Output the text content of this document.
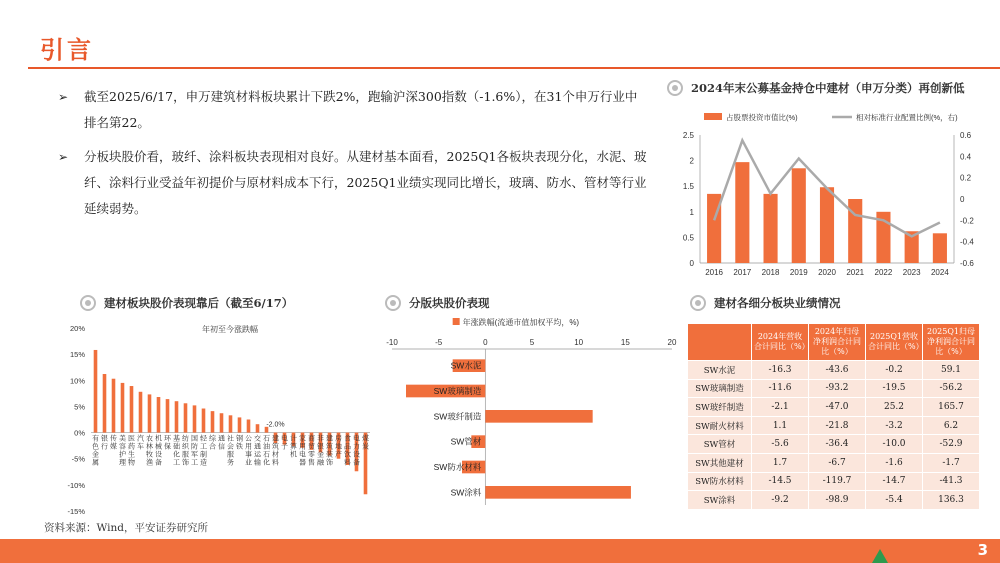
引言
➢ 截至2025/6/17，申万建筑材料板块累计下跌2%，跑输沪深300指数（-1.6%），在31个申万行业中排名第22。
➢ 分板块股价看，玻纤、涂料板块表现相对良好。从建材基本面看，2025Q1各板块表现分化，水泥、玻纤、涂料行业受益年初提价与原材料成本下行，2025Q1业绩实现同比增长，玻璃、防水、管材等行业延续弱势。
2024年末公募基金持仓中建材（申万分类）再创新低
占股票投资市值比(%)	相对标准行业配置比例(%，右)
0
0.5
1
1.5
2
2.5
-0.6
-0.4
-0.2
0
0.2
0.4
0.6
2016 2017 2018 2019 2020 2021 2022 2023 2024
建材板块股价表现靠后（截至6/17）
年初至今涨跌幅
20%
15%
10%
5%
0%
-5%
-10%
-15%
有色金属
银行
传媒
美容护理
医药生物
汽车
农林牧渔
机械设备
环保
基础化工
纺织服饰
国防军工
轻工制造
综合
通信
社会服务
钢铁
公用事业
交通运输
石油石化
建筑材料
电子
计算机
家用电器
商贸零售
非银金融
建筑装饰
房地产
食品饮料
电力设备
煤炭
-2.0%
分版块股价表现
年涨跌幅(流通市值加权平均，%)
-10	-5	0	5	10	15	20
SW水泥
SW玻璃制造
SW玻纤制造
SW管材
SW防水材料
SW涂料
建材各细分板块业绩情况
	2024年营收合计同比（%）	2024年归母净利润合计同比（%）	2025Q1营收合计同比（%）	2025Q1归母净利润合计同比（%）
SW水泥	-16.3	-43.6	-0.2	59.1
SW玻璃制造	-11.6	-93.2	-19.5	-56.2
SW玻纤制造	-2.1	-47.0	25.2	165.7
SW耐火材料	1.1	-21.8	-3.2	6.2
SW管材	-5.6	-36.4	-10.0	-52.9
SW其他建材	1.7	-6.7	-1.6	-1.7
SW防水材料	-14.5	-119.7	-14.7	-41.3
SW涂料	-9.2	-98.9	-5.4	136.3
资料来源：Wind，平安证券研究所
3
